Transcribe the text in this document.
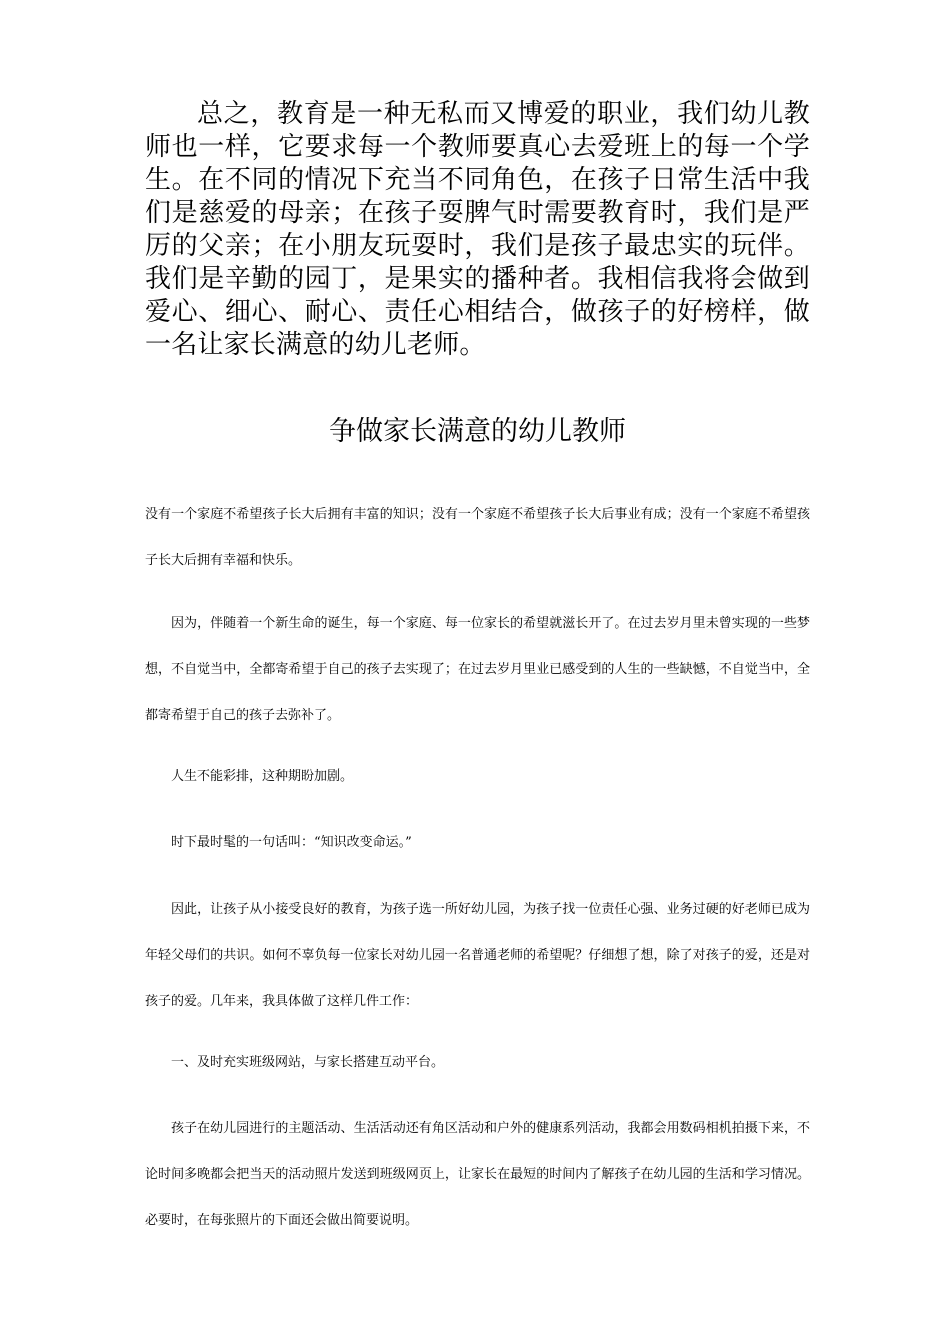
总之，教育是一种无私而又博爱的职业，我们幼儿教师也一样，它要求每一个教师要真心去爱班上的每一个学生。在不同的情况下充当不同角色，在孩子日常生活中我们是慈爱的母亲；在孩子耍脾气时需要教育时，我们是严厉的父亲；在小朋友玩耍时，我们是孩子最忠实的玩伴。我们是辛勤的园丁，是果实的播种者。我相信我将会做到爱心、细心、耐心、责任心相结合，做孩子的好榜样，做一名让家长满意的幼儿老师。

争做家长满意的幼儿教师

没有一个家庭不希望孩子长大后拥有丰富的知识；没有一个家庭不希望孩子长大后事业有成；没有一个家庭不希望孩子长大后拥有幸福和快乐。

因为，伴随着一个新生命的诞生，每一个家庭、每一位家长的希望就滋长开了。在过去岁月里未曾实现的一些梦想，不自觉当中，全都寄希望于自己的孩子去实现了；在过去岁月里业已感受到的人生的一些缺憾，不自觉当中，全都寄希望于自己的孩子去弥补了。

人生不能彩排，这种期盼加剧。

时下最时髦的一句话叫：“知识改变命运。”

因此，让孩子从小接受良好的教育，为孩子选一所好幼儿园，为孩子找一位责任心强、业务过硬的好老师已成为年轻父母们的共识。如何不辜负每一位家长对幼儿园一名普通老师的希望呢？仔细想了想，除了对孩子的爱，还是对孩子的爱。几年来，我具体做了这样几件工作：

一、及时充实班级网站，与家长搭建互动平台。

孩子在幼儿园进行的主题活动、生活活动还有角区活动和户外的健康系列活动，我都会用数码相机拍摄下来，不论时间多晚都会把当天的活动照片发送到班级网页上，让家长在最短的时间内了解孩子在幼儿园的生活和学习情况。必要时，在每张照片的下面还会做出简要说明。
